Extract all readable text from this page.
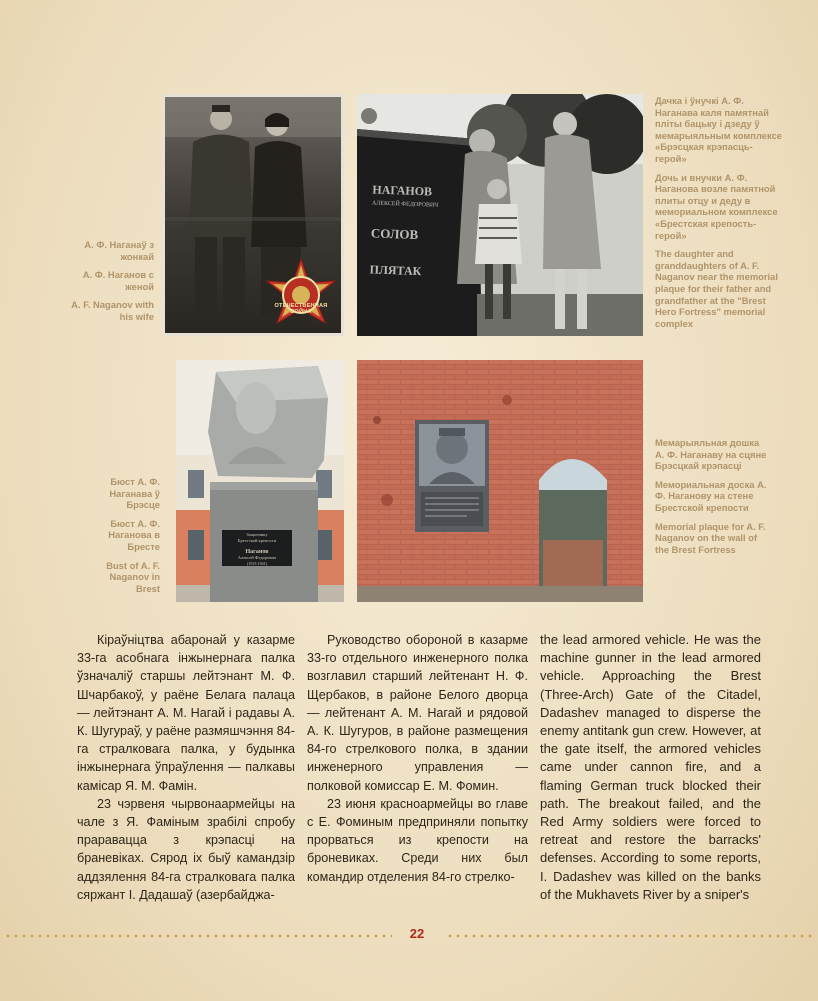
ОТЕЧЕСТВЕННАЯ ВОЙНА
НАГАНОВ
АЛЕКСЕЙ ФЕДОРОВИЧ
СОЛОВ
ПЛЯТАК
Защитнику
Брестской крепости
Наганов
Алексей Федорович
(1915-1941)

А. Ф. Наганаў з жонкай

А. Ф. Наганов с женой

A. F. Naganov with his wife

Дачка і ўнучкі А. Ф. Наганава каля памятнай пліты бацьку і дзеду ў мемарыяльным комплексе «Брэсцкая крэпасць-герой»

Дочь и внучки А. Ф. Наганова возле памятной плиты отцу и деду в мемориальном комплексе «Брестская крепость-герой»

The daughter and granddaughters of A. F. Naganov near the memorial plaque for their father and grandfather at the "Brest Hero Fortress" memorial complex

Бюст А. Ф. Наганава ў Брэсце

Бюст А. Ф. Наганова в Бресте

Bust of A. F. Naganov in Brest

Мемарыяльная дошка А. Ф. Наганаву на сцяне Брэсцкай крэпасці

Мемориальная доска А. Ф. Наганову на стене Брестской крепости

Memorial plaque for A. F. Naganov on the wall of the Brest Fortress

Кіраўніцтва абаронай у казарме 33-га асобнага інжынернага палка ўзначаліў старшы лейтэнант М. Ф. Шчарбакоў, у раёне Белага палаца — лейтэнант А. М. Нагай і радавы А. К. Шугураў, у раёне размяшчэння 84-га стралковага палка, у будынка інжынернага ўпраўлення — палкавы камісар Я. М. Фамін.

23 чэрвеня чырвонаармейцы на чале з Я. Фамiным зрабілі спробу праравацца з крэпасці на браневіках. Сярод іх быў камандзір аддзялення 84-га стралковага палка сяржант І. Дадашаў (азербайджа-

Руководство обороной в казарме 33-го отдельного инженерного полка возглавил старший лейтенант Н. Ф. Щербаков, в районе Белого дворца — лейтенант А. М. Нагай и рядовой А. К. Шугуров, в районе размещения 84-го стрелкового полка, в здании инженерного управления — полковой комиссар Е. М. Фомин.

23 июня красноармейцы во главе с Е. Фоминым предприняли попытку прорваться из крепости на броневиках. Среди них был командир отделения 84-го стрелко-

the lead armored vehicle. He was the machine gunner in the lead armored vehicle. Approaching the Brest (Three-Arch) Gate of the Citadel, Dadashev managed to disperse the enemy antitank gun crew. However, at the gate itself, the armored vehicles came under cannon fire, and a flaming German truck blocked their path. The breakout failed, and the Red Army soldiers were forced to retreat and restore the barracks' defenses. According to some reports, I. Dadashev was killed on the banks of the Mukhavets River by a sniper's

22
